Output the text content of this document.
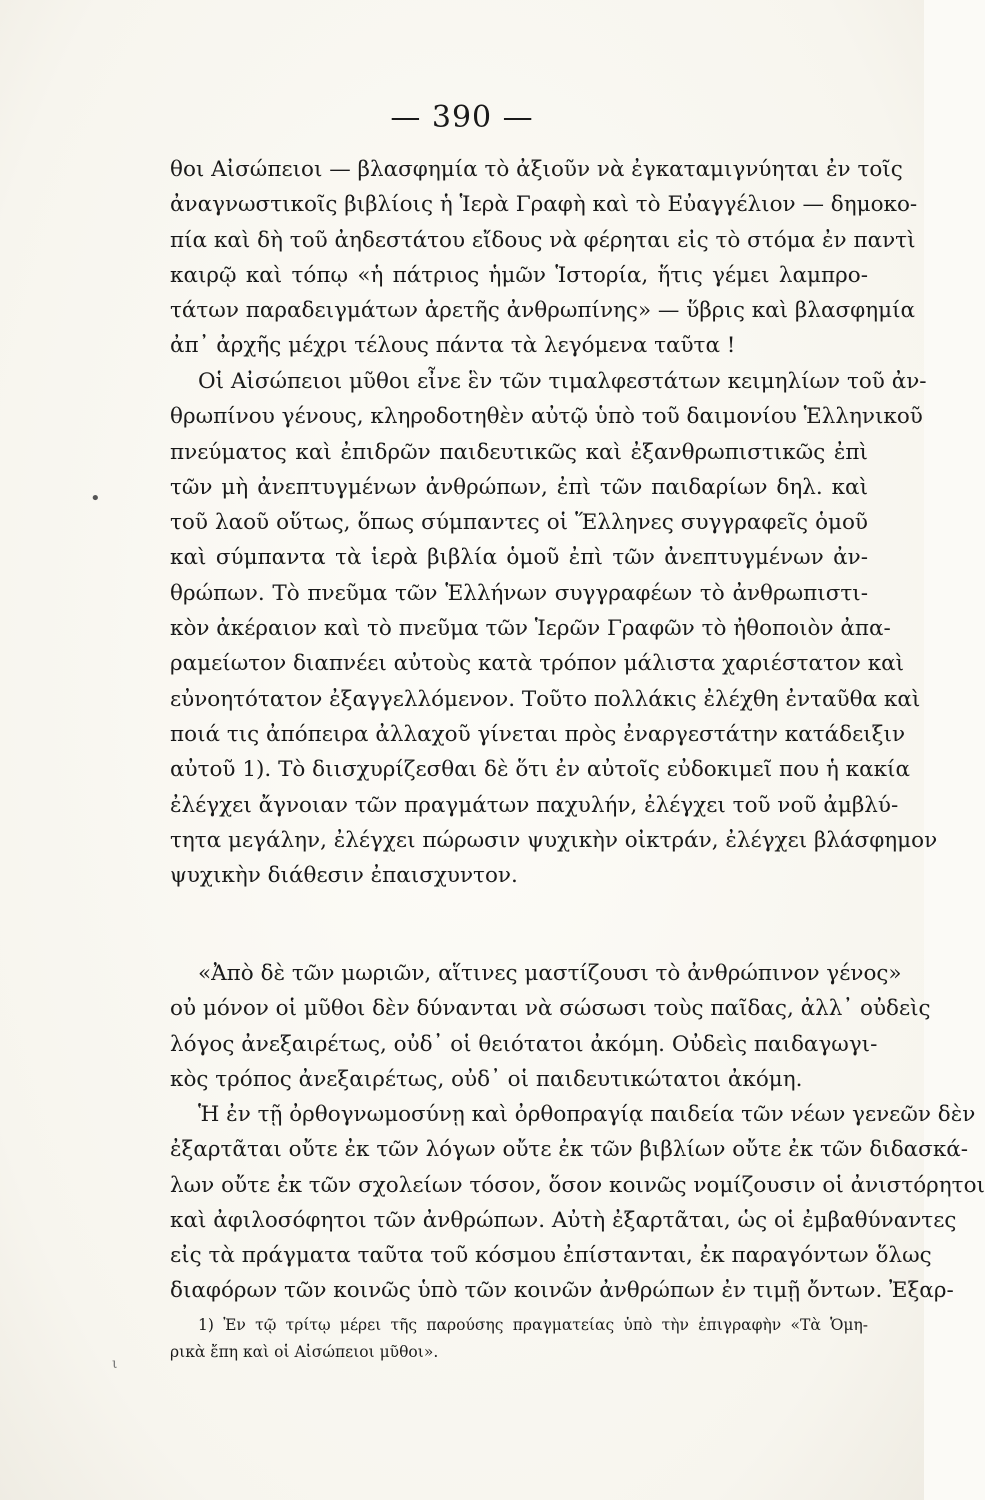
— 390 —
θοι Αἰσώπειοι — βλασφημία τὸ ἀξιοῦν νὰ ἐγκαταμιγνύηται ἐν τοῖς
ἀναγνωστικοῖς βιβλίοις ἡ Ἱερὰ Γραφὴ καὶ τὸ Εὐαγγέλιον — δημοκο-
πία καὶ δὴ τοῦ ἀηδεστάτου εἴδους νὰ φέρηται εἰς τὸ στόμα ἐν παντὶ
καιρῷ καὶ τόπῳ «ἡ πάτριος ἡμῶν Ἱστορία, ἥτις γέμει λαμπρο-
τάτων παραδειγμάτων ἀρετῆς ἀνθρωπίνης» — ὕβρις καὶ βλασφημία
ἀπ᾿ ἀρχῆς μέχρι τέλους πάντα τὰ λεγόμενα ταῦτα !
Οἱ Αἰσώπειοι μῦθοι εἶνε ἓν τῶν τιμαλφεστάτων κειμηλίων τοῦ ἀν-
θρωπίνου γένους, κληροδοτηθὲν αὐτῷ ὑπὸ τοῦ δαιμονίου Ἑλληνικοῦ
πνεύματος καὶ ἐπιδρῶν παιδευτικῶς καὶ ἐξανθρωπιστικῶς ἐπὶ
τῶν μὴ ἀνεπτυγμένων ἀνθρώπων, ἐπὶ τῶν παιδαρίων δηλ. καὶ
τοῦ λαοῦ οὕτως, ὅπως σύμπαντες οἱ Ἕλληνες συγγραφεῖς ὁμοῦ
καὶ σύμπαντα τὰ ἱερὰ βιβλία ὁμοῦ ἐπὶ τῶν ἀνεπτυγμένων ἀν-
θρώπων. Τὸ πνεῦμα τῶν Ἑλλήνων συγγραφέων τὸ ἀνθρωπιστι-
κὸν ἀκέραιον καὶ τὸ πνεῦμα τῶν Ἱερῶν Γραφῶν τὸ ἠθοποιὸν ἀπα-
ραμείωτον διαπνέει αὐτοὺς κατὰ τρόπον μάλιστα χαριέστατον καὶ
εὐνοητότατον ἐξαγγελλόμενον. Τοῦτο πολλάκις ἐλέχθη ἐνταῦθα καὶ
ποιά τις ἀπόπειρα ἀλλαχοῦ γίνεται πρὸς ἐναργεστάτην κατάδειξιν
αὐτοῦ 1). Τὸ διισχυρίζεσθαι δὲ ὅτι ἐν αὐτοῖς εὐδοκιμεῖ που ἡ κακία
ἐλέγχει ἄγνοιαν τῶν πραγμάτων παχυλήν, ἐλέγχει τοῦ νοῦ ἀμβλύ-
τητα μεγάλην, ἐλέγχει πώρωσιν ψυχικὴν οἰκτράν, ἐλέγχει βλάσφημον
ψυχικὴν διάθεσιν ἐπαισχυντον.
«Ἀπὸ δὲ τῶν μωριῶν, αἵτινες μαστίζουσι τὸ ἀνθρώπινον γένος»
οὐ μόνον οἱ μῦθοι δὲν δύνανται νὰ σώσωσι τοὺς παῖδας, ἀλλ᾿ οὐδεὶς
λόγος ἀνεξαιρέτως, οὐδ᾿ οἱ θειότατοι ἀκόμη. Οὐδεὶς παιδαγωγι-
κὸς τρόπος ἀνεξαιρέτως, οὐδ᾿ οἱ παιδευτικώτατοι ἀκόμη.
Ἡ ἐν τῇ ὀρθογνωμοσύνῃ καὶ ὀρθοπραγίᾳ παιδεία τῶν νέων γενεῶν δὲν
ἐξαρτᾶται οὔτε ἐκ τῶν λόγων οὔτε ἐκ τῶν βιβλίων οὔτε ἐκ τῶν διδασκά-
λων οὔτε ἐκ τῶν σχολείων τόσον, ὅσον κοινῶς νομίζουσιν οἱ ἀνιστόρητοι
καὶ ἀφιλοσόφητοι τῶν ἀνθρώπων. Αὐτὴ ἐξαρτᾶται, ὡς οἱ ἐμβαθύναντες
εἰς τὰ πράγματα ταῦτα τοῦ κόσμου ἐπίστανται, ἐκ παραγόντων ὅλως
διαφόρων τῶν κοινῶς ὑπὸ τῶν κοινῶν ἀνθρώπων ἐν τιμῇ ὄντων. Ἐξαρ-
1) Ἐν τῷ τρίτῳ μέρει τῆς παρούσης πραγματείας ὑπὸ τὴν ἐπιγραφὴν «Τὰ Ὁμη-
ρικὰ ἔπη καὶ οἱ Αἰσώπειοι μῦθοι».
•
ι
